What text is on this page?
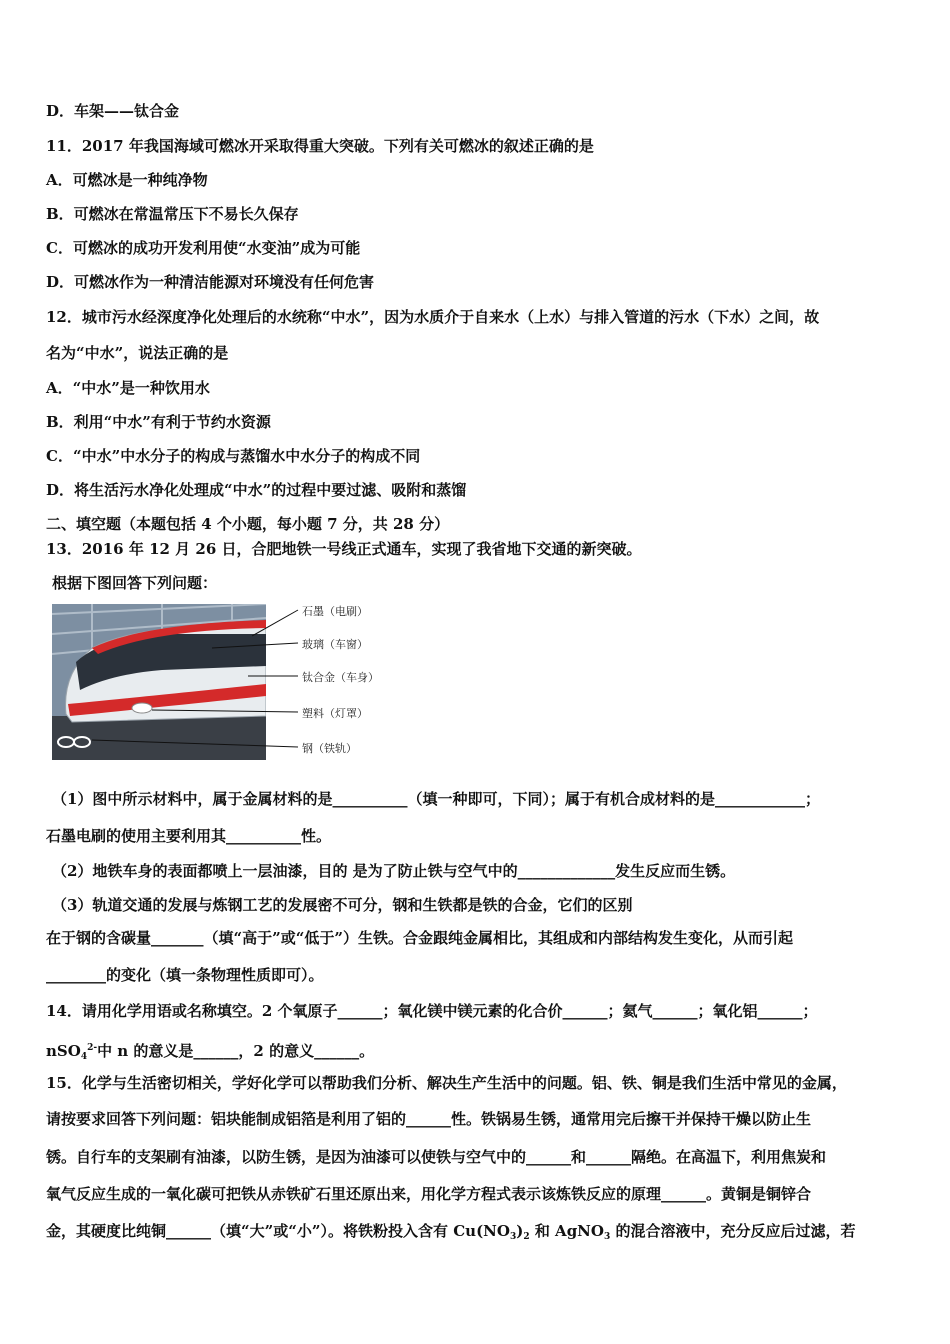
D．车架——钛合金
11．2017 年我国海域可燃冰开采取得重大突破。下列有关可燃冰的叙述正确的是
A．可燃冰是一种纯净物
B．可燃冰在常温常压下不易长久保存
C．可燃冰的成功开发利用使“水变油”成为可能
D．可燃冰作为一种清洁能源对环境没有任何危害
12．城市污水经深度净化处理后的水统称“中水”，因为水质介于自来水（上水）与排入管道的污水（下水）之间，故
名为“中水”，说法正确的是
A．“中水”是一种饮用水
B．利用“中水”有利于节约水资源
C．“中水”中水分子的构成与蒸馏水中水分子的构成不同
D．将生活污水净化处理成“中水”的过程中要过滤、吸附和蒸馏
二、填空题（本题包括 4 个小题，每小题 7 分，共 28 分）
13．2016 年 12 月 26 日，合肥地铁一号线正式通车，实现了我省地下交通的新突破。
根据下图回答下列问题：
石墨（电刷）
玻璃（车窗）
钛合金（车身）
塑料（灯罩）
钢（铁轨）
（1）图中所示材料中，属于金属材料的是__________（填一种即可，下同）；属于有机合成材料的是____________；
石墨电刷的使用主要利用其__________性。
（2）地铁车身的表面都喷上一层油漆，目的 是为了防止铁与空气中的_____________发生反应而生锈。
（3）轨道交通的发展与炼钢工艺的发展密不可分，钢和生铁都是铁的合金，它们的区别
在于钢的含碳量_______（填“高于”或“低于”）生铁。合金跟纯金属相比，其组成和内部结构发生变化，从而引起
________的变化（填一条物理性质即可）。
14．请用化学用语或名称填空。2 个氧原子______；氧化镁中镁元素的化合价______；氦气______；氧化铝______；
nSO$_4^{2-}$中 n 的意义是______，2 的意义______。
15．化学与生活密切相关，学好化学可以帮助我们分析、解决生产生活中的问题。铝、铁、铜是我们生活中常见的金属，
请按要求回答下列问题：铝块能制成铝箔是利用了铝的______性。铁锅易生锈，通常用完后擦干并保持干燥以防止生
锈。自行车的支架刷有油漆，以防生锈，是因为油漆可以使铁与空气中的______和______隔绝。在高温下，利用焦炭和
氧气反应生成的一氧化碳可把铁从赤铁矿石里还原出来，用化学方程式表示该炼铁反应的原理______。黄铜是铜锌合
金，其硬度比纯铜______（填“大”或“小”）。将铁粉投入含有 $Cu(NO_3)_2$ 和 AgNO$_3$ 的混合溶液中，充分反应后过滤，若
